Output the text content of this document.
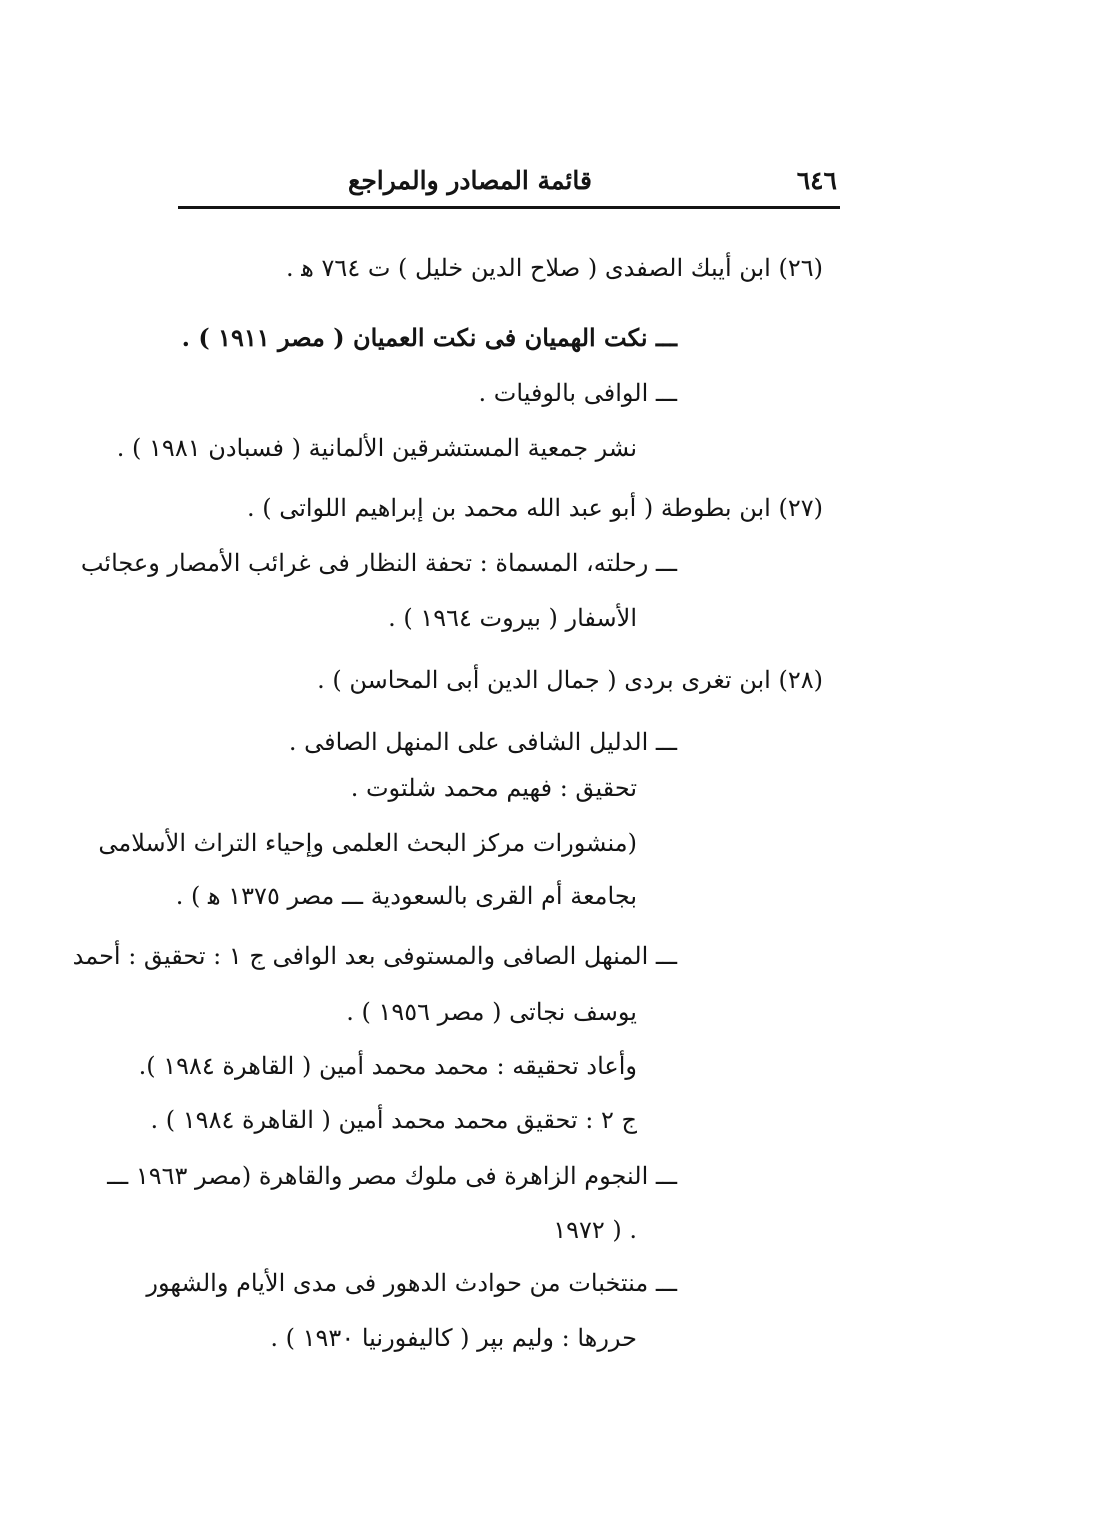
قائمة المصادر والمراجع	٦٤٦
(٢٦) ابن أيبك الصفدى ( صلاح الدين خليل ) ت ٧٦٤ ﻫ .
ـــ نكت الهميان فى نكت العميان ( مصر ١٩١١ ) .
ـــ الوافى بالوفيات .
نشر جمعية المستشرقين الألمانية ( فسبادن ١٩٨١ ) .
(٢٧) ابن بطوطة ( أبو عبد الله محمد بن إبراهيم اللواتى ) .
ـــ رحلته، المسماة : تحفة النظار فى غرائب الأمصار وعجائب
الأسفار ( بيروت ١٩٦٤ ) .
(٢٨) ابن تغرى بردى ( جمال الدين أبى المحاسن ) .
ـــ الدليل الشافى على المنهل الصافى .
تحقيق : فهيم محمد شلتوت .
(منشورات مركز البحث العلمى وإحياء التراث الأسلامى
بجامعة أم القرى بالسعودية ـــ مصر ١٣٧٥ ﻫ ) .
ـــ المنهل الصافى والمستوفى بعد الوافى ج ١ : تحقيق : أحمد
يوسف نجاتى ( مصر ١٩٥٦ ) .
وأعاد تحقيقه : محمد محمد أمين ( القاهرة ١٩٨٤ ).
ج ٢ : تحقيق محمد محمد أمين ( القاهرة ١٩٨٤ ) .
ـــ النجوم الزاهرة فى ملوك مصر والقاهرة (مصر ١٩٦٣ ـــ
١٩٧٢ ) .
ـــ منتخبات من حوادث الدهور فى مدى الأيام والشهور
حررها : وليم بپر ( كاليفورنيا ١٩٣٠ ) .
